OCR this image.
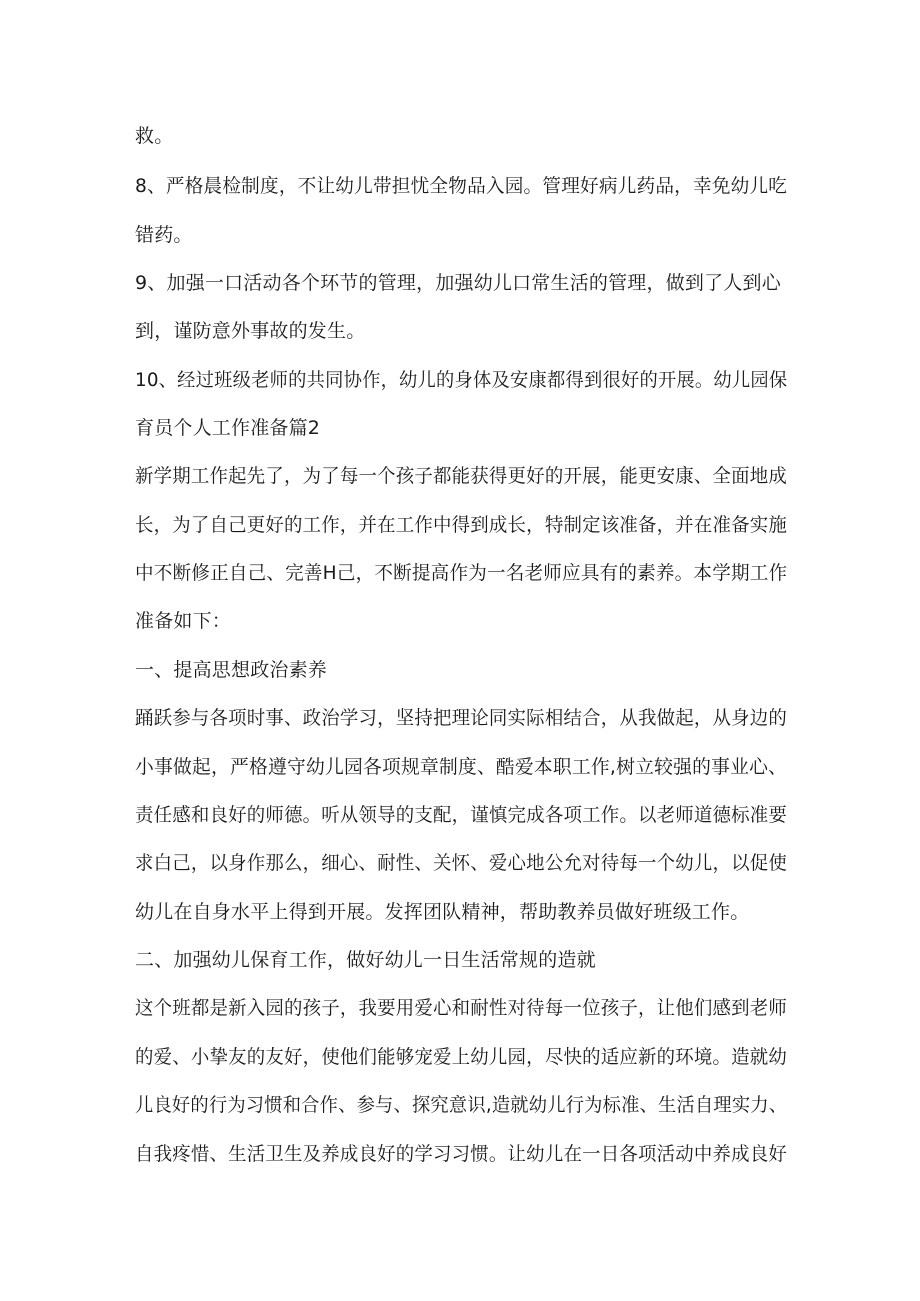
救。
8、严格晨检制度，不让幼儿带担忧全物品入园。管理好病儿药品，幸免幼儿吃
错药。
9、加强一口活动各个环节的管理，加强幼儿口常生活的管理，做到了人到心
到，谨防意外事故的发生。
10、经过班级老师的共同协作，幼儿的身体及安康都得到很好的开展。幼儿园保
育员个人工作准备篇2
新学期工作起先了，为了每一个孩子都能获得更好的开展，能更安康、全面地成
长，为了自己更好的工作，并在工作中得到成长，特制定该准备，并在准备实施
中不断修正自己、完善H己，不断提高作为一名老师应具有的素养。本学期工作
准备如下：
一、提高思想政治素养
踊跃参与各项时事、政治学习，坚持把理论同实际相结合，从我做起，从身边的
小事做起，严格遵守幼儿园各项规章制度、酷爱本职工作,树立较强的事业心、
责任感和良好的师德。听从领导的支配，谨慎完成各项工作。以老师道德标准要
求白己，以身作那么，细心、耐性、关怀、爱心地公允对待每一个幼儿，以促使
幼儿在自身水平上得到开展。发挥团队精神，帮助教养员做好班级工作。
二、加强幼儿保育工作，做好幼儿一日生活常规的造就
这个班都是新入园的孩子，我要用爱心和耐性对待每一位孩子，让他们感到老师
的爱、小挚友的友好，使他们能够宠爱上幼儿园，尽快的适应新的环境。造就幼
儿良好的行为习惯和合作、参与、探究意识,造就幼儿行为标准、生活自理实力、
自我疼惜、生活卫生及养成良好的学习习惯。让幼儿在一日各项活动中养成良好
